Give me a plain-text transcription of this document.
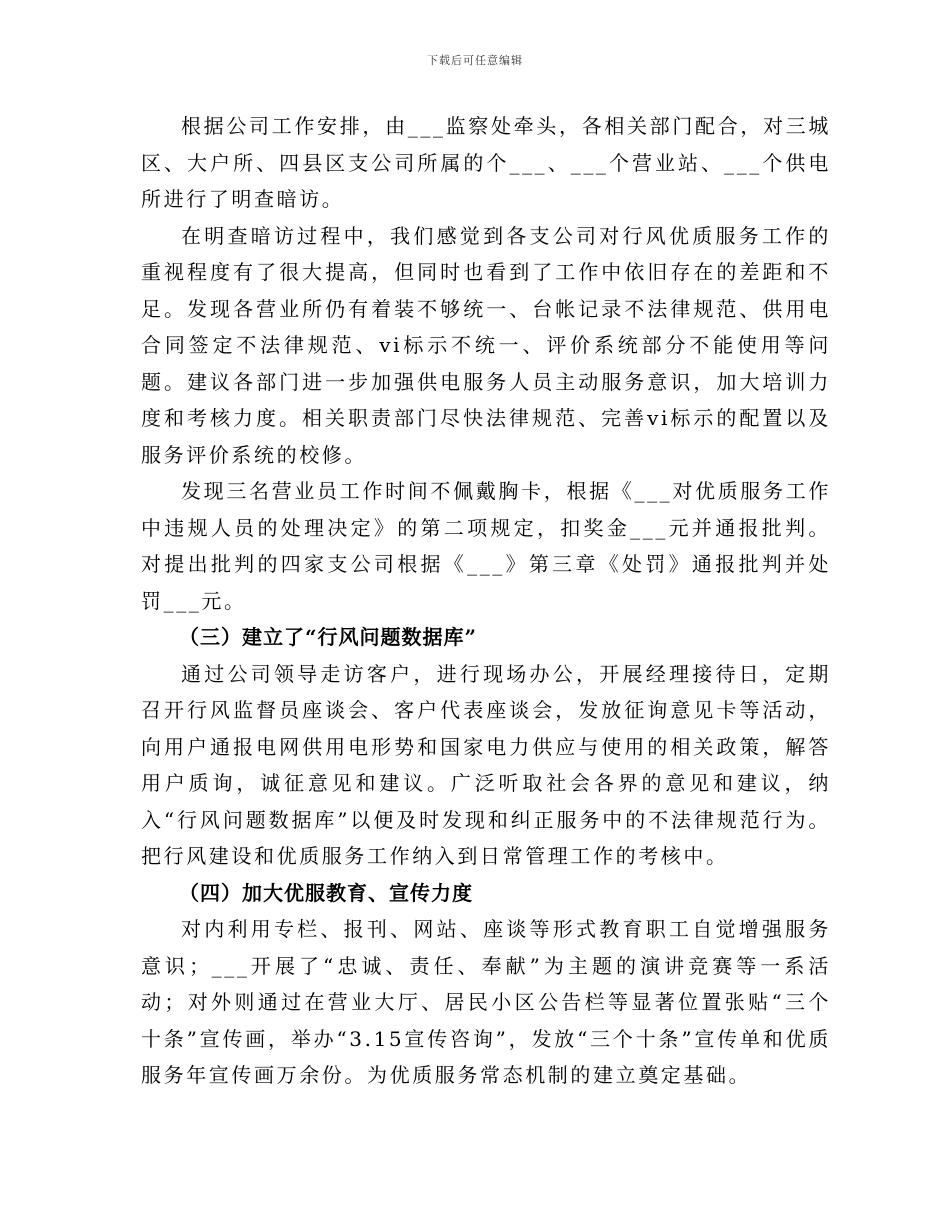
下载后可任意编辑

根据公司工作安排，由___监察处牵头，各相关部门配合，对三城区、大户所、四县区支公司所属的个___、___个营业站、___个供电所进行了明查暗访。

在明查暗访过程中，我们感觉到各支公司对行风优质服务工作的重视程度有了很大提高，但同时也看到了工作中依旧存在的差距和不足。发现各营业所仍有着装不够统一、台帐记录不法律规范、供用电合同签定不法律规范、vi标示不统一、评价系统部分不能使用等问题。建议各部门进一步加强供电服务人员主动服务意识，加大培训力度和考核力度。相关职责部门尽快法律规范、完善vi标示的配置以及服务评价系统的校修。

发现三名营业员工作时间不佩戴胸卡，根据《___对优质服务工作中违规人员的处理决定》的第二项规定，扣奖金___元并通报批判。对提出批判的四家支公司根据《___》第三章《处罚》通报批判并处罚___元。

（三）建立了“行风问题数据库”

通过公司领导走访客户，进行现场办公，开展经理接待日，定期召开行风监督员座谈会、客户代表座谈会，发放征询意见卡等活动，向用户通报电网供用电形势和国家电力供应与使用的相关政策，解答用户质询，诚征意见和建议。广泛听取社会各界的意见和建议，纳入“行风问题数据库”以便及时发现和纠正服务中的不法律规范行为。把行风建设和优质服务工作纳入到日常管理工作的考核中。

（四）加大优服教育、宣传力度

对内利用专栏、报刊、网站、座谈等形式教育职工自觉增强服务意识；___开展了“忠诚、责任、奉献”为主题的演讲竞赛等一系活动；对外则通过在营业大厅、居民小区公告栏等显著位置张贴“三个十条”宣传画，举办“3.15宣传咨询”，发放“三个十条”宣传单和优质服务年宣传画万余份。为优质服务常态机制的建立奠定基础。
